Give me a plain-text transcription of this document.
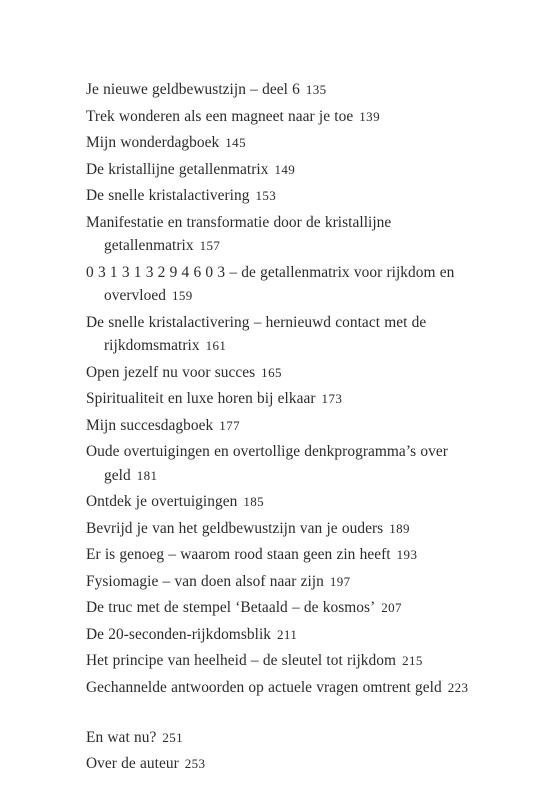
Je nieuwe geldbewustzijn – deel 6 135
Trek wonderen als een magneet naar je toe 139
Mijn wonderdagboek 145
De kristallijne getallenmatrix 149
De snelle kristalactivering 153
Manifestatie en transformatie door de kristallijne getallenmatrix 157
0 3 1 3 1 3 2 9 4 6 0 3 – de getallenmatrix voor rijkdom en overvloed 159
De snelle kristalactivering – hernieuwd contact met de rijkdomsmatrix 161
Open jezelf nu voor succes 165
Spiritualiteit en luxe horen bij elkaar 173
Mijn succesdagboek 177
Oude overtuigingen en overtollige denkprogramma’s over geld 181
Ontdek je overtuigingen 185
Bevrijd je van het geldbewustzijn van je ouders 189
Er is genoeg – waarom rood staan geen zin heeft 193
Fysiomagie – van doen alsof naar zijn 197
De truc met de stempel ‘Betaald – de kosmos’ 207
De 20-seconden-rijkdomsblik 211
Het principe van heelheid – de sleutel tot rijkdom 215
Gechannelde antwoorden op actuele vragen omtrent geld 223
En wat nu? 251
Over de auteur 253
